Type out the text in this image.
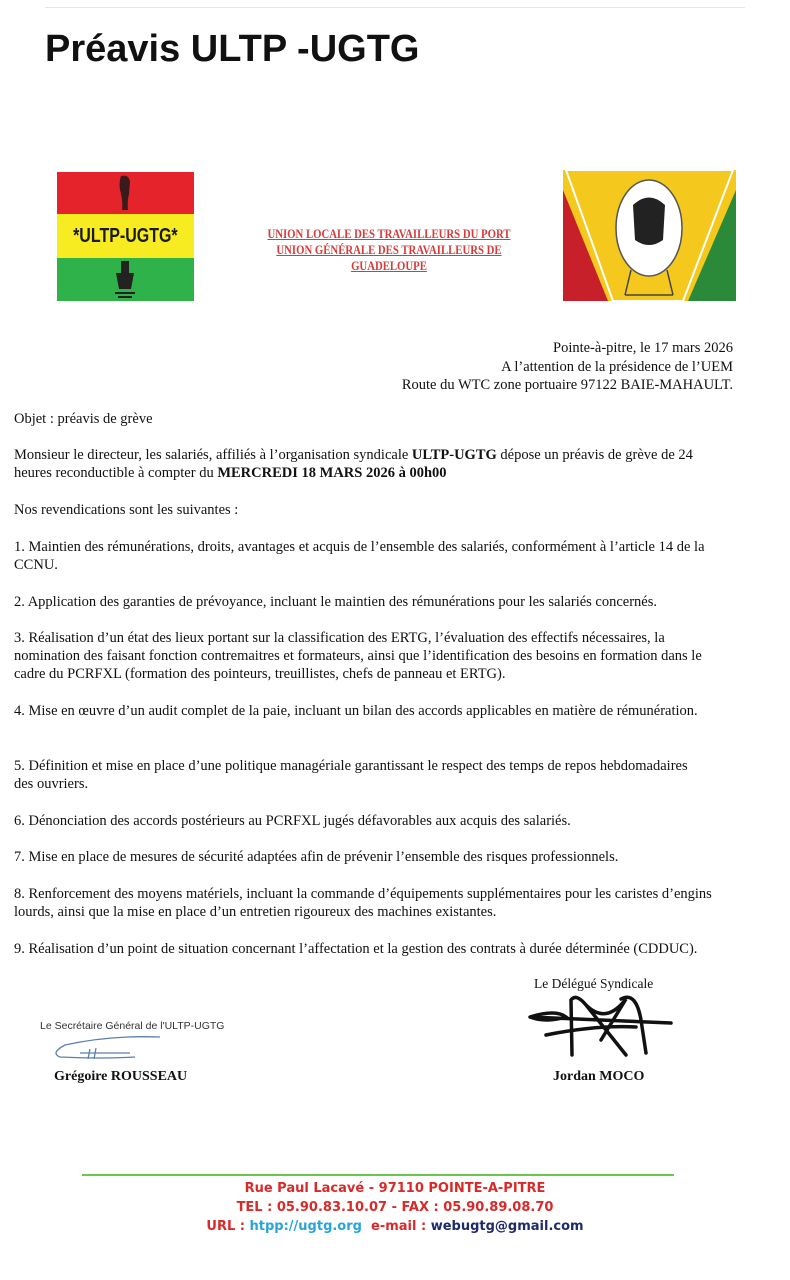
Préavis ULTP -UGTG
*ULTP-UGTG*	UNION LOCALE DES TRAVAILLEURS DU PORT
UNION GÉNÉRALE DES TRAVAILLEURS DE GUADELOUPE
Pointe-à-pitre, le 17 mars 2026
A l’attention de la présidence de l’UEM
Route du WTC zone portuaire 97122 BAIE-MAHAULT.
Objet : préavis de grève
Monsieur le directeur, les salariés, affiliés à l’organisation syndicale ULTP-UGTG dépose un préavis de grève de 24 heures reconductible à compter du MERCREDI 18 MARS 2026 à 00h00
Nos revendications sont les suivantes :
1. Maintien des rémunérations, droits, avantages et acquis de l’ensemble des salariés, conformément à l’article 14 de la CCNU.
2. Application des garanties de prévoyance, incluant le maintien des rémunérations pour les salariés concernés.
3. Réalisation d’un état des lieux portant sur la classification des ERTG, l’évaluation des effectifs nécessaires, la nomination des faisant fonction contremaitres et formateurs, ainsi que l’identification des besoins en formation dans le cadre du PCRFXL (formation des pointeurs, treuillistes, chefs de panneau et ERTG).
4. Mise en œuvre d’un audit complet de la paie, incluant un bilan des accords applicables en matière de rémunération.
5. Définition et mise en place d’une politique managériale garantissant le respect des temps de repos hebdomadaires des ouvriers.
6. Dénonciation des accords postérieurs au PCRFXL jugés défavorables aux acquis des salariés.
7. Mise en place de mesures de sécurité adaptées afin de prévenir l’ensemble des risques professionnels.
8. Renforcement des moyens matériels, incluant la commande d’équipements supplémentaires pour les caristes d’engins lourds, ainsi que la mise en place d’un entretien rigoureux des machines existantes.
9. Réalisation d’un point de situation concernant l’affectation et la gestion des contrats à durée déterminée (CDDUC).
Le Délégué Syndicale
Le Secrétaire Général de l'ULTP-UGTG
Grégoire ROUSSEAU	Jordan MOCO
Rue Paul Lacavé - 97110 POINTE-A-PITRE
TEL : 05.90.83.10.07 - FAX : 05.90.89.08.70
URL : htpp://ugtg.org  e-mail : webugtg@gmail.com
